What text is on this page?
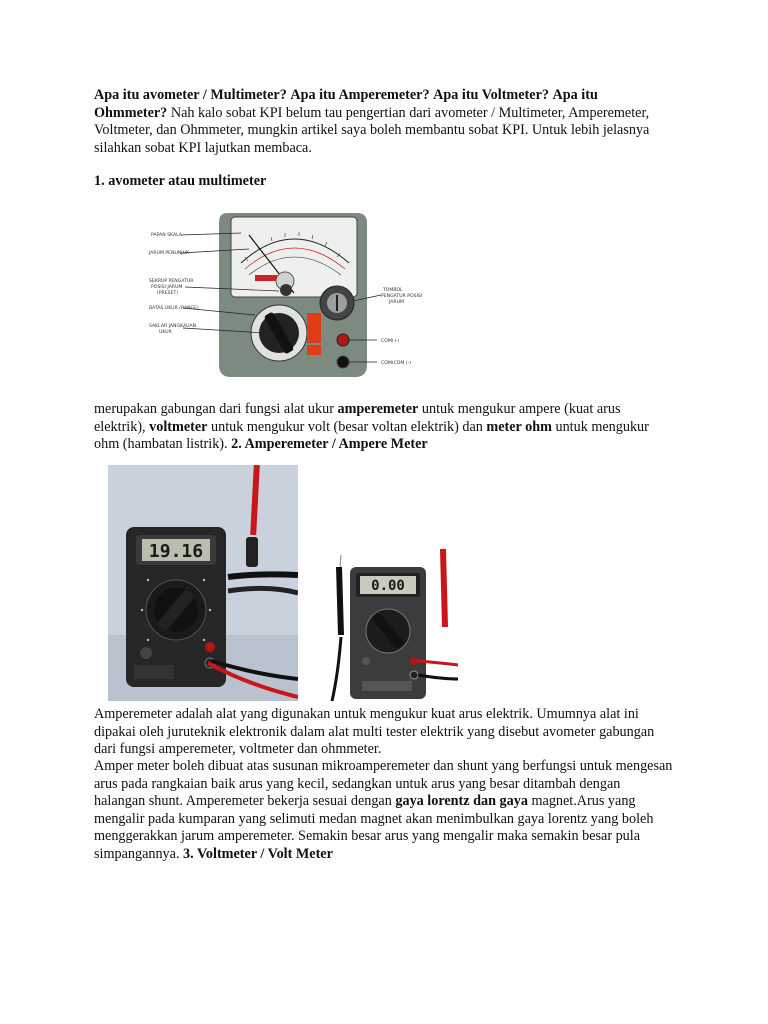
Apa itu avometer / Multimeter? Apa itu Amperemeter? Apa itu Voltmeter? Apa itu Ohmmeter? Nah kalo sobat KPI belum tau pengertian dari avometer / Multimeter, Amperemeter, Voltmeter, dan Ohmmeter, mungkin artikel saya boleh membantu sobat KPI. Untuk lebih jelasnya silahkan sobat KPI lajutkan membaca.

1. avometer atau multimeter

PAPAN SKALA
JARUM PENUNJUK
SEKRUP PENGATUR
POSISI JARUM
(PRESET)
BATAS UKUR (RANGE)
SAKLAR JANGKAUAN
UKUR
TOMBOL
PENGATUR POSISI
JARUM
COM(+)
COM(COM (-)

merupakan gabungan dari fungsi alat ukur amperemeter untuk mengukur ampere (kuat arus elektrik), voltmeter untuk mengukur volt (besar voltan elektrik) dan meter ohm untuk mengukur ohm (hambatan listrik). 2. Amperemeter / Ampere Meter

19.16
0.00

Amperemeter adalah alat yang digunakan untuk mengukur kuat arus elektrik. Umumnya alat ini dipakai oleh juruteknik elektronik dalam alat multi tester elektrik yang disebut avometer gabungan dari fungsi amperemeter, voltmeter dan ohmmeter.

Amper meter boleh dibuat atas susunan mikroamperemeter dan shunt yang berfungsi untuk mengesan arus pada rangkaian baik arus yang kecil, sedangkan untuk arus yang besar ditambah dengan halangan shunt. Amperemeter bekerja sesuai dengan gaya lorentz dan gaya magnet.Arus yang mengalir pada kumparan yang selimuti medan magnet akan menimbulkan gaya lorentz yang boleh menggerakkan jarum amperemeter. Semakin besar arus yang mengalir maka semakin besar pula simpangannya. 3. Voltmeter / Volt Meter
